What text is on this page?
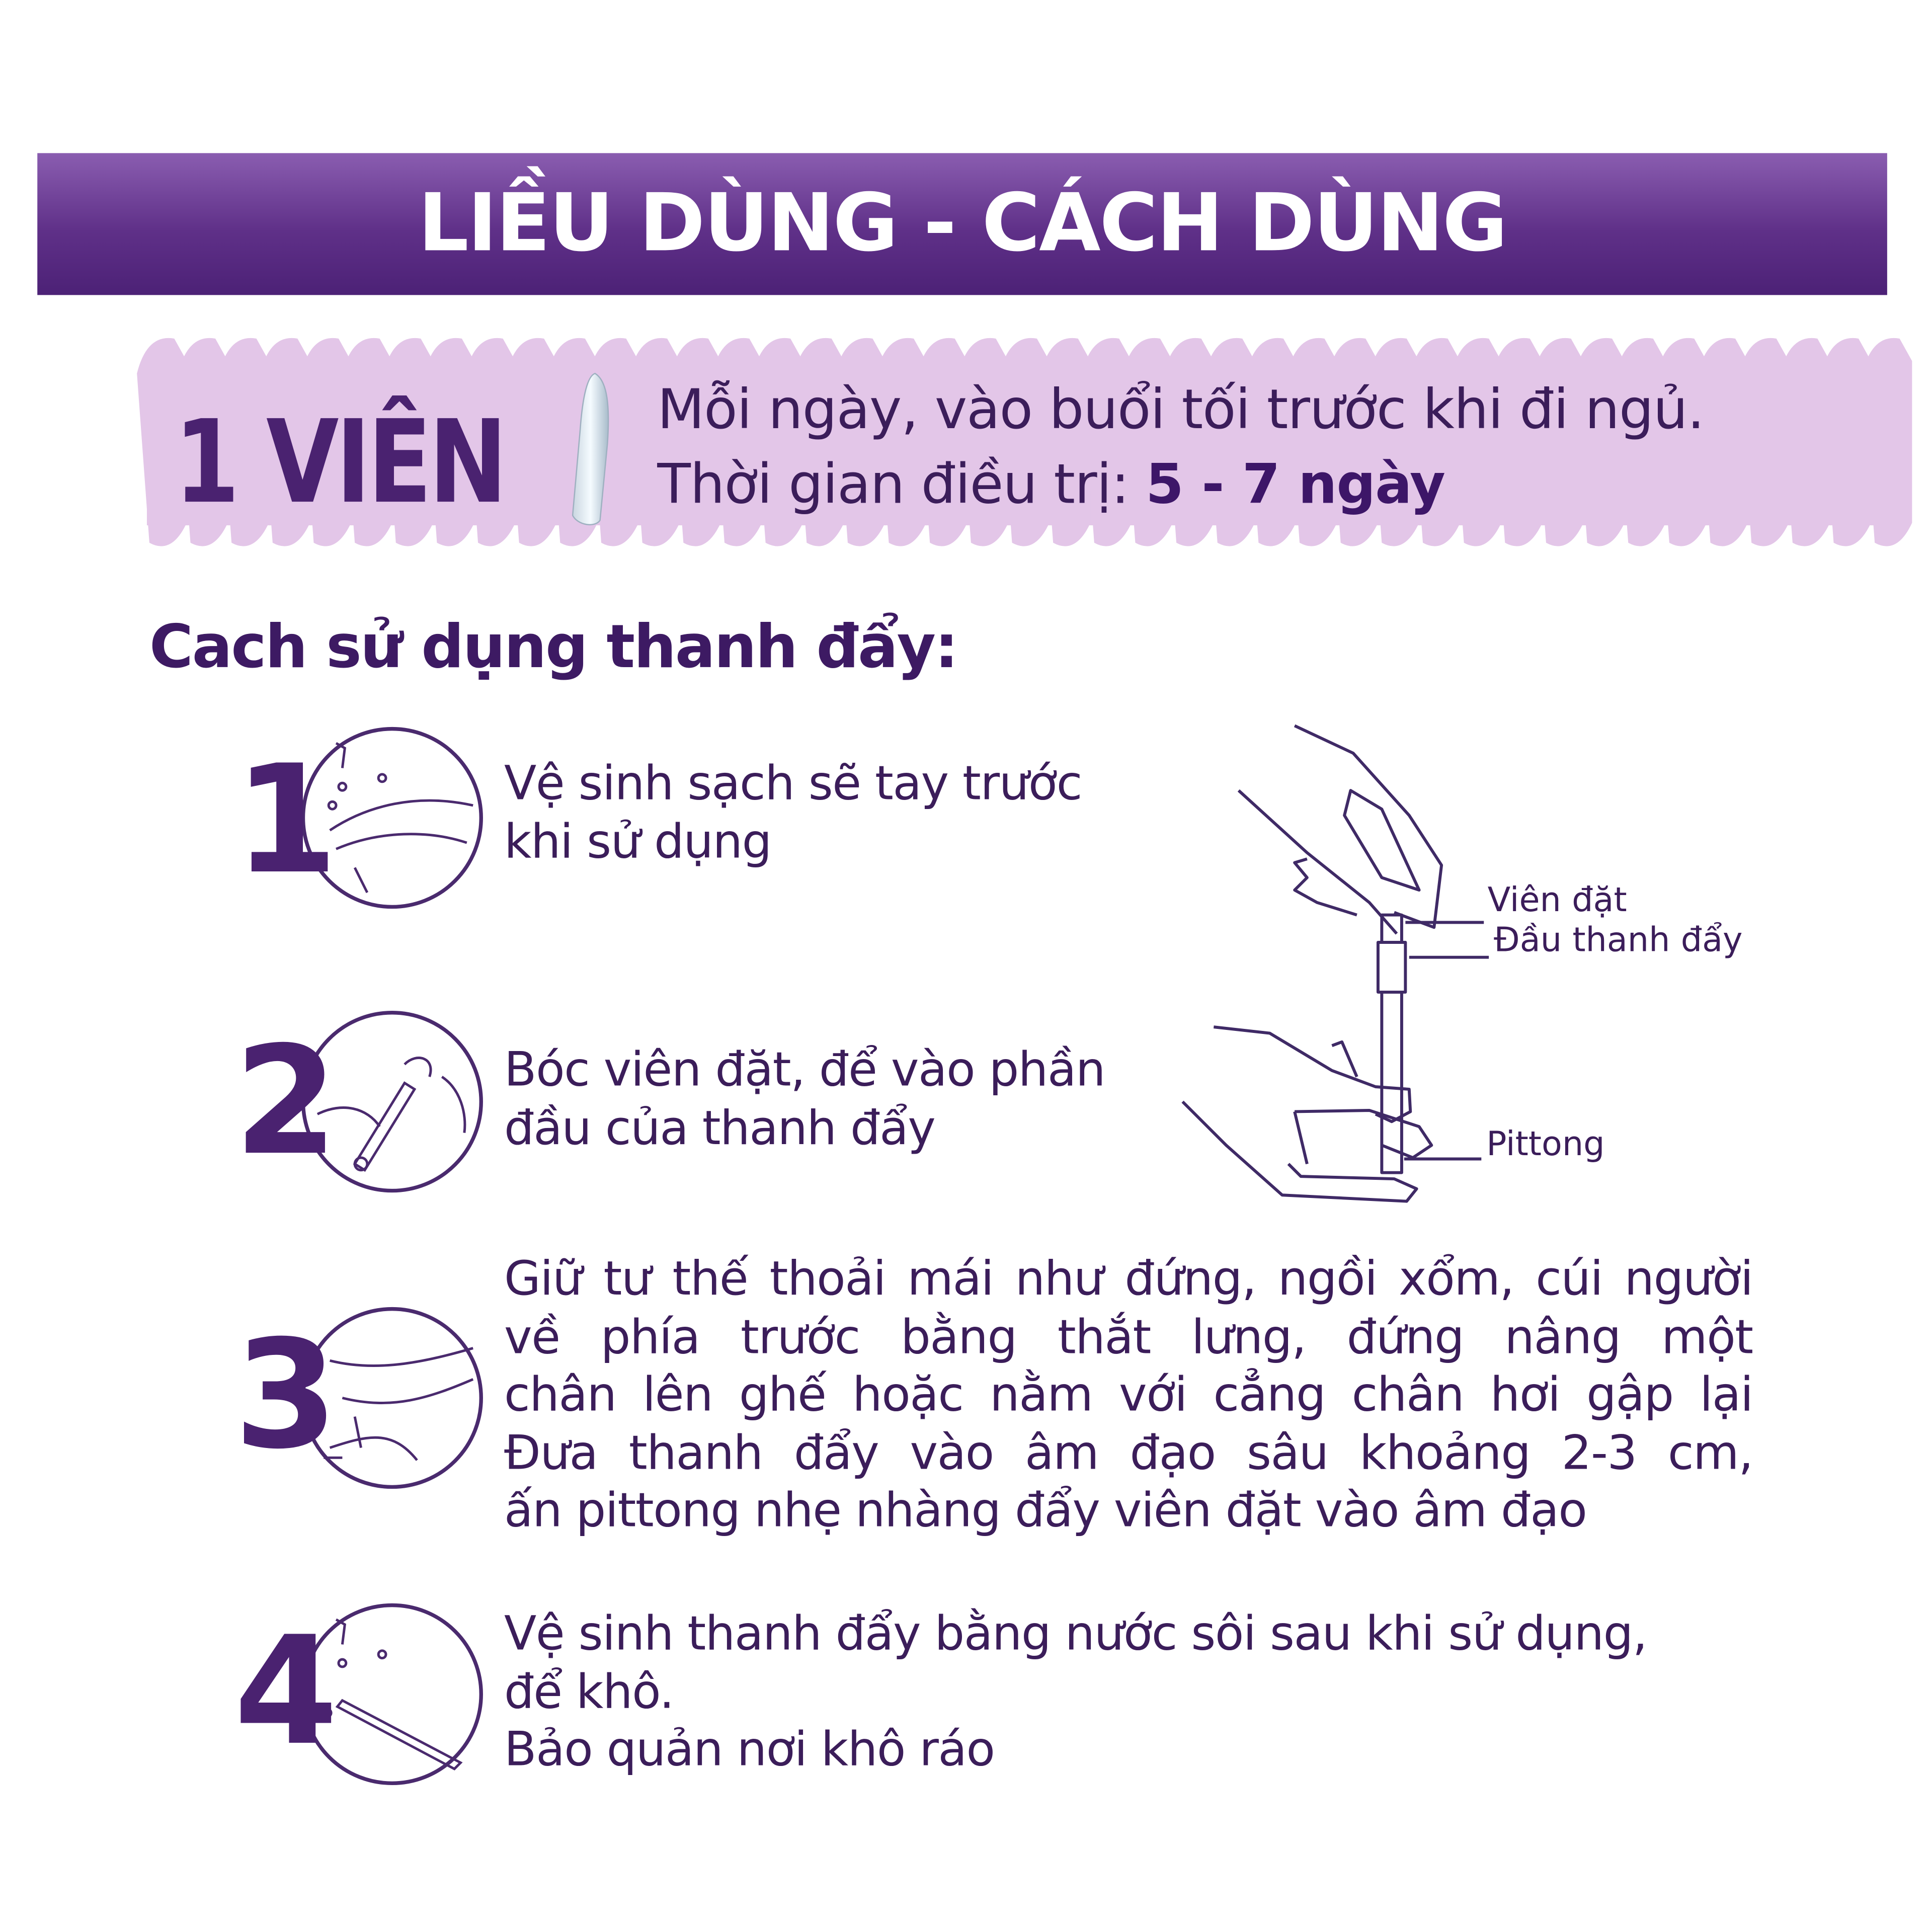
LIỀU DÙNG - CÁCH DÙNG
1 VIÊN	Mỗi ngày, vào buổi tối trước khi đi ngủ.
Thời gian điều trị: 5 - 7 ngày
Cach sử dụng thanh đẩy:
1	Vệ sinh sạch sẽ tay trước
khi sử dụng
2	Bóc viên đặt, để vào phần
đầu của thanh đẩy
3
Giữ tư thế thoải mái như đứng, ngồi xổm, cúi người
về phía trước bằng thắt lưng, đứng nâng một
chân lên ghế hoặc nằm với cẳng chân hơi gập lại
Đưa thanh đẩy vào âm đạo sâu khoảng 2-3 cm,
ấn pittong nhẹ nhàng đẩy viên đặt vào âm đạo
4	Vệ sinh thanh đẩy bằng nước sôi sau khi sử dụng,
để khô.
Bảo quản nơi khô ráo
Viên đặt
Đầu thanh đẩy
Pittong
